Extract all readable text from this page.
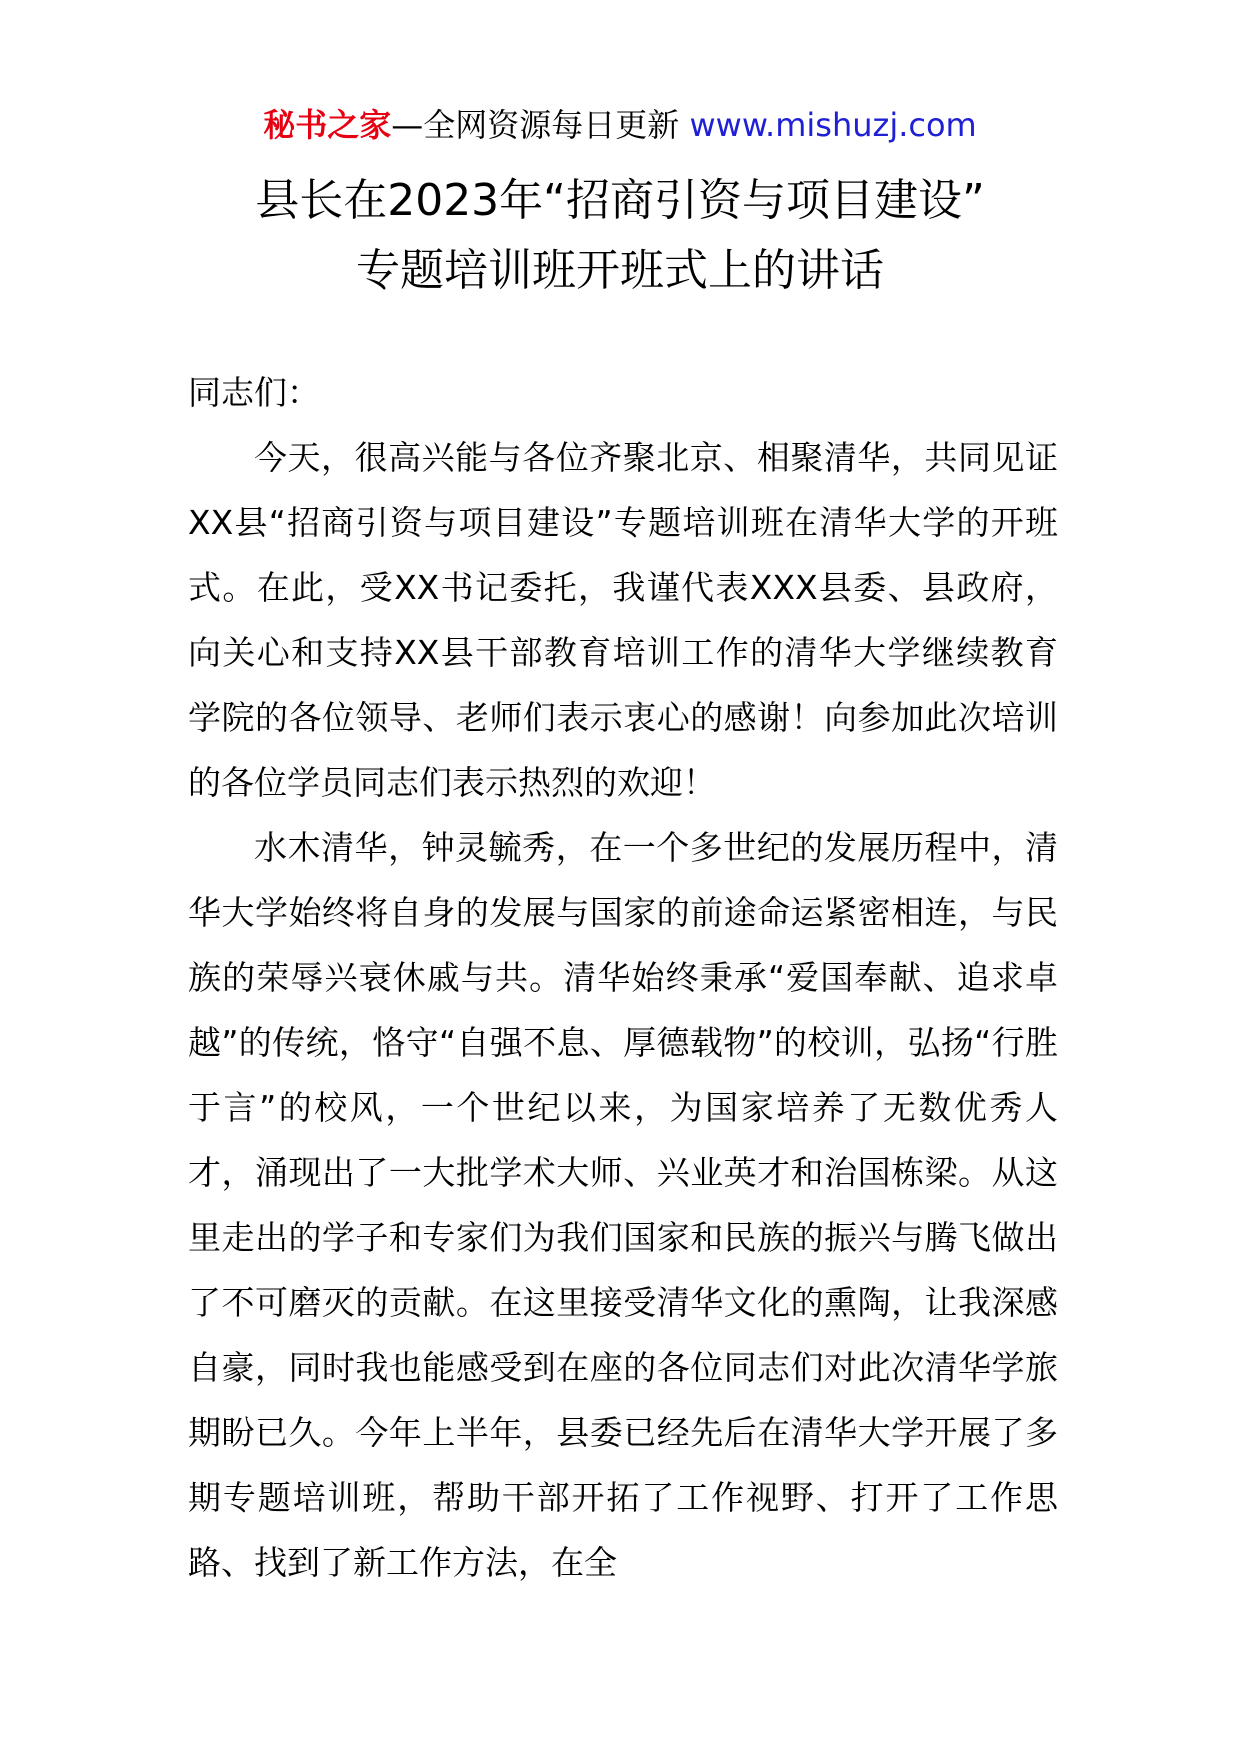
秘书之家—全网资源每日更新 www.mishuzj.com
县长在2023年“招商引资与项目建设”
专题培训班开班式上的讲话

同志们：

今天，很高兴能与各位齐聚北京、相聚清华，共同见证XX县“招商引资与项目建设”专题培训班在清华大学的开班式。在此，受XX书记委托，我谨代表XXX县委、县政府，向关心和支持XX县干部教育培训工作的清华大学继续教育学院的各位领导、老师们表示衷心的感谢！向参加此次培训的各位学员同志们表示热烈的欢迎！

水木清华，钟灵毓秀，在一个多世纪的发展历程中，清华大学始终将自身的发展与国家的前途命运紧密相连，与民族的荣辱兴衰休戚与共。清华始终秉承“爱国奉献、追求卓越”的传统，恪守“自强不息、厚德载物”的校训，弘扬“行胜于言”的校风，一个世纪以来，为国家培养了无数优秀人才，涌现出了一大批学术大师、兴业英才和治国栋梁。从这里走出的学子和专家们为我们国家和民族的振兴与腾飞做出了不可磨灭的贡献。在这里接受清华文化的熏陶，让我深感自豪，同时我也能感受到在座的各位同志们对此次清华学旅期盼已久。今年上半年，县委已经先后在清华大学开展了多期专题培训班，帮助干部开拓了工作视野、打开了工作思路、找到了新工作方法，在全
